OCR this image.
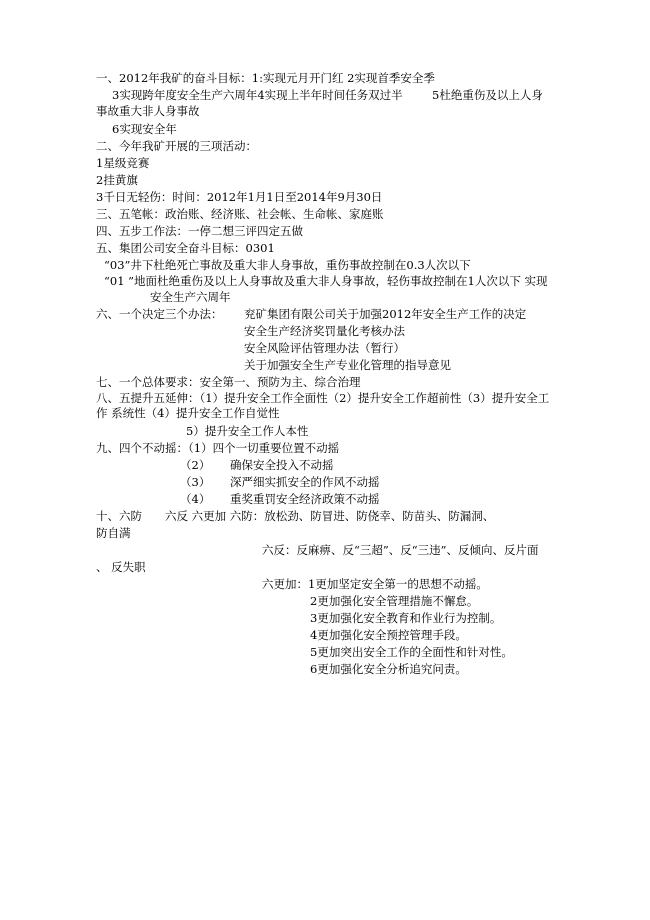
一、2012年我矿的奋斗目标：1:实现元月开门红 2实现首季安全季
3实现跨年度安全生产六周年4实现上半年时间任务双过半	5杜绝重伤及以上人身
事故重大非人身事故
6实现安全年
二、今年我矿开展的三项活动：
1星级竞赛
2挂黄旗
3千日无轻伤：时间：2012年1月1日至2014年9月30日
三、五笔帐：政治账、经济账、社会帐、生命帐、家庭账
四、五步工作法：一停二想三评四定五做
五、集团公司安全奋斗目标：0301
“03”井下杜绝死亡事故及重大非人身事故，重伤事故控制在0.3人次以下
“01 ”地面杜绝重伤及以上人身事故及重大非人身事故，轻伤事故控制在1人次以下 实现
安全生产六周年
六、一个决定三个办法： 兖矿集团有限公司关于加强2012年安全生产工作的决定
安全生产经济奖罚量化考核办法
安全风险评估管理办法（暂行）
关于加强安全生产专业化管理的指导意见
七、一个总体要求：安全第一、预防为主、综合治理
八、五提升五延伸：（1）提升安全工作全面性（2）提升安全工作超前性（3）提升安全工
作 系统性（4）提升安全工作自觉性
5）提升安全工作人本性
九、四个不动摇：（1）四个一切重要位置不动摇
（2） 确保安全投入不动摇
（3） 深严细实抓安全的作风不动摇
（4） 重奖重罚安全经济政策不动摇
十、六防　　六反 六更加 六防：放松劲、防冒进、防侥幸、防苗头、防漏洞、
防自满
六反：反麻痹、反“三超”、反“三违”、反倾向、反片面
、 反失职
六更加：1更加坚定安全第一的思想不动摇。
2更加强化安全管理措施不懈怠。
3更加强化安全教育和作业行为控制。
4更加强化安全预控管理手段。
5更加突出安全工作的全面性和针对性。
6更加强化安全分析追究问责。
